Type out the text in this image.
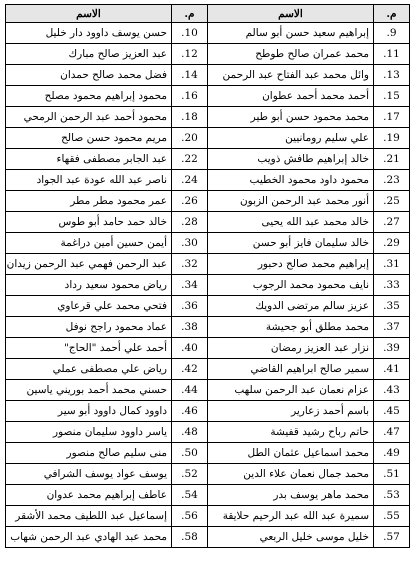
م.	الاسم	م.	الاسم
.9	إبراهيم سعيد حسن أبو سالم	.10	حسن يوسف داوود دار خليل
.11	محمد عمران صالح طوطح	.12	عبد العزيز صالح مبارك
.13	وائل محمد عبد الفتاح عبد الرحمن	.14	فضل محمد صالح حمدان
.15	أحمد محمد أحمد عطوان	.16	محمود إبراهيم محمود مصلح
.17	محمد محمود حسن أبو طير	.18	محمود أحمد عبد الرحمن الرمحي
.19	علي سليم رومانيين	.20	مريم محمود حسن صالح
.21	خالد إبراهيم طافش ذويب	.22	عبد الجابر مصطفى فقهاء
.23	محمود داود محمود الخطيب	.24	ناصر عبد الله عودة عبد الجواد
.25	أنور محمد عبد الرحمن الزبون	.26	عمر محمود مطر مطر
.27	خالد محمد عبد الله يحيى	.28	خالد حمد حامد أبو طوس
.29	خالد سليمان فايز أبو حسن	.30	أيمن حسين أمين دراغمة
.31	إبراهيم محمد صالح دحبور	.32	عبد الرحمن فهمي عبد الرحمن زيدان
.33	نايف محمود محمد الرجوب	.34	رياض محمود سعيد رداد
.35	عزيز سالم مرتضى الدويك	.36	فتحي محمد علي قرعاوي
.37	محمد مطلق أبو جحيشة	.38	عماد محمود راجح نوفل
.39	نزار عبد العزيز رمضان	.40	أحمد علي أحمد "الحاج"
.41	سمير صالح ابراهيم القاضي	.42	رياض علي مصطفى عملي
.43	عزام نعمان عبد الرحمن سلهب	.44	حسني محمد أحمد بوريني ياسين
.45	باسم أحمد زعارير	.46	داوود كمال داوود أبو سير
.47	حاتم رباح رشيد قفيشة	.48	ياسر داوود سليمان منصور
.49	محمد اسماعيل عثمان الطل	.50	منى سليم صالح منصور
.51	محمد جمال نعمان علاء الدين	.52	يوسف عواد يوسف الشرافي
.53	محمد ماهر يوسف بدر	.54	عاطف إبراهيم محمد عدوان
.55	سميرة عبد الله عبد الرحيم حلايقة	.56	إسماعيل عبد اللطيف محمد الأشقر
.57	خليل موسى خليل الربعي	.58	محمد عبد الهادي عبد الرحمن شهاب
